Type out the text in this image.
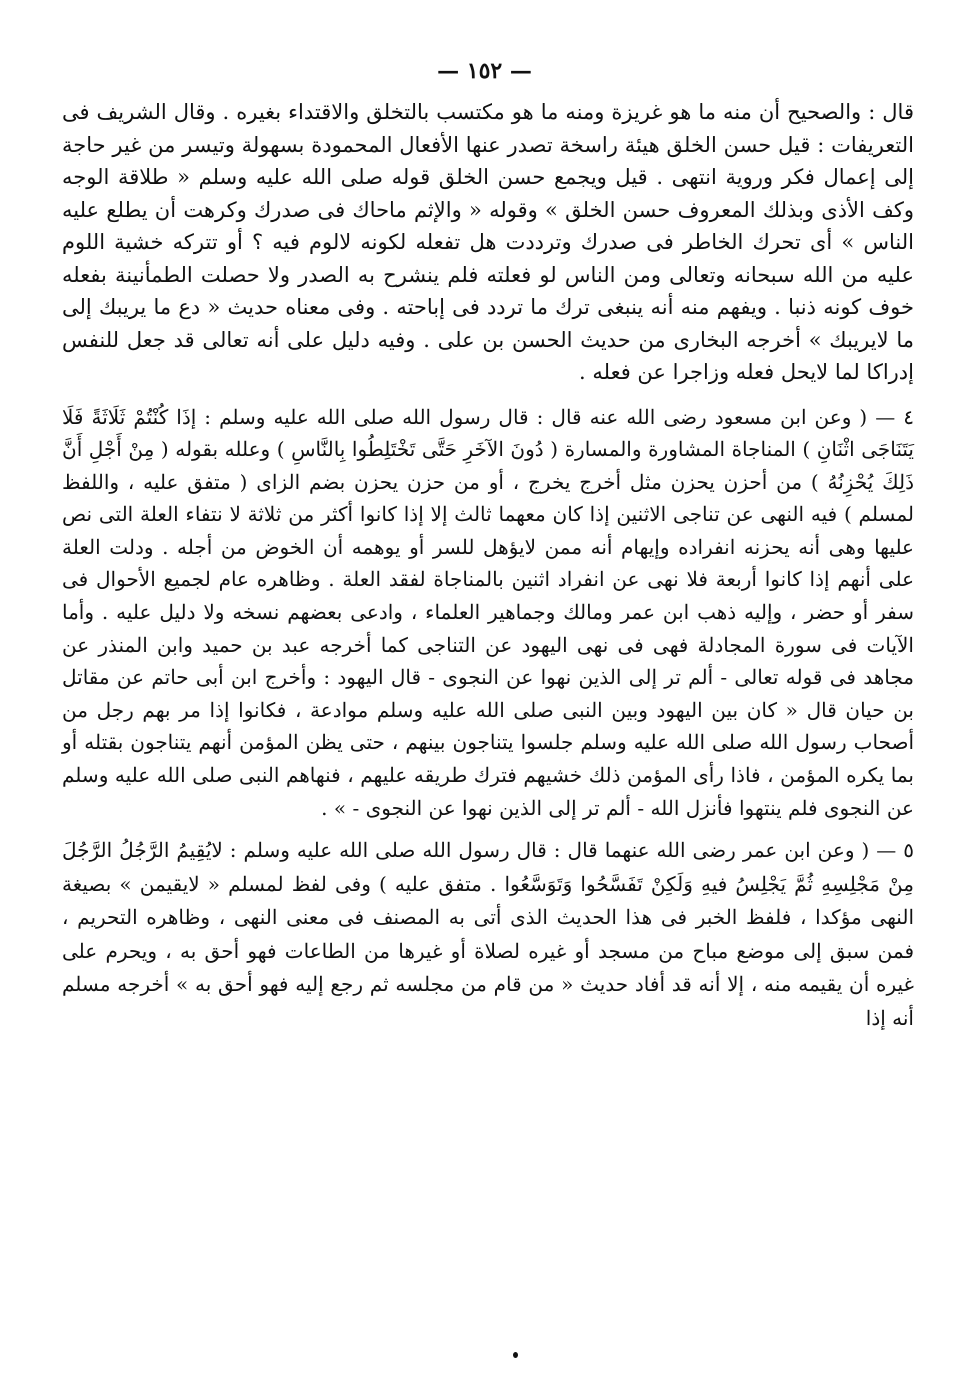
— ١٥٢ —

قال : والصحيح أن منه ما هو غريزة ومنه ما هو مكتسب بالتخلق والاقتداء بغيره . وقال الشريف فى التعريفات : قيل حسن الخلق هيئة راسخة تصدر عنها الأفعال المحمودة بسهولة وتيسر من غير حاجة إلى إعمال فكر وروية انتهى . قيل ويجمع حسن الخلق قوله صلى الله عليه وسلم « طلاقة الوجه وكف الأذى وبذلك المعروف حسن الخلق » وقوله « والإثم ماحاك فى صدرك وكرهت أن يطلع عليه الناس » أى تحرك الخاطر فى صدرك وترددت هل تفعله لكونه لالوم فيه ؟ أو تتركه خشية اللوم عليه من الله سبحانه وتعالى ومن الناس لو فعلته فلم ينشرح به الصدر ولا حصلت الطمأنينة بفعله خوف كونه ذنبا . ويفهم منه أنه ينبغى ترك ما تردد فى إباحته . وفى معناه حديث « دع ما يريبك إلى ما لايريبك » أخرجه البخارى من حديث الحسن بن على . وفيه دليل على أنه تعالى قد جعل للنفس إدراكا لما لايحل فعله وزاجرا عن فعله .

٤ — ( وعن ابن مسعود رضى الله عنه قال : قال رسول الله صلى الله عليه وسلم : إذَا كُنْتُمْ ثَلَاثَةً فَلَا يَتَنَاجَى اثْنَانِ ) المناجاة المشاورة والمسارة ( دُونَ الآخَرِ حَتَّى تَخْتَلِطُوا بِالنَّاسِ ) وعلله بقوله ( مِنْ أَجْلِ أَنَّ ذَلِكَ يُحْزِنُهُ ) من أحزن يحزن مثل أخرج يخرج ، أو من حزن يحزن بضم الزاى ( متفق عليه ، واللفظ لمسلم ) فيه النهى عن تناجى الاثنين إذا كان معهما ثالث إلا إذا كانوا أكثر من ثلاثة لا نتفاء العلة التى نص عليها وهى أنه يحزنه انفراده وإيهام أنه ممن لايؤهل للسر أو يوهمه أن الخوض من أجله . ودلت العلة على أنهم إذا كانوا أربعة فلا نهى عن انفراد اثنين بالمناجاة لفقد العلة . وظاهره عام لجميع الأحوال فى سفر أو حضر ، وإليه ذهب ابن عمر ومالك وجماهير العلماء ، وادعى بعضهم نسخه ولا دليل عليه . وأما الآيات فى سورة المجادلة فهى فى نهى اليهود عن التناجى كما أخرجه عبد بن حميد وابن المنذر عن مجاهد فى قوله تعالى - ألم تر إلى الذين نهوا عن النجوى - قال اليهود : وأخرج ابن أبى حاتم عن مقاتل بن حيان قال « كان بين اليهود وبين النبى صلى الله عليه وسلم موادعة ، فكانوا إذا مر بهم رجل من أصحاب رسول الله صلى الله عليه وسلم جلسوا يتناجون بينهم ، حتى يظن المؤمن أنهم يتناجون بقتله أو بما يكره المؤمن ، فاذا رأى المؤمن ذلك خشيهم فترك طريقه عليهم ، فنهاهم النبى صلى الله عليه وسلم عن النجوى فلم ينتهوا فأنزل الله - ألم تر إلى الذين نهوا عن النجوى - » .

٥ — ( وعن ابن عمر رضى الله عنهما قال : قال رسول الله صلى الله عليه وسلم : لايُقِيمُ الرَّجُلُ الرَّجُلَ مِنْ مَجْلِسِهِ ثُمَّ يَجْلِسُ فيهِ وَلَكِنْ تَفَسَّحُوا وَتَوَسَّعُوا . متفق عليه ) وفى لفظ لمسلم « لايقيمن » بصيغة النهى مؤكدا ، فلفظ الخبر فى هذا الحديث الذى أتى به المصنف فى معنى النهى ، وظاهره التحريم ، فمن سبق إلى موضع مباح من مسجد أو غيره لصلاة أو غيرها من الطاعات فهو أحق به ، ويحرم على غيره أن يقيمه منه ، إلا أنه قد أفاد حديث « من قام من مجلسه ثم رجع إليه فهو أحق به » أخرجه مسلم أنه إذا
